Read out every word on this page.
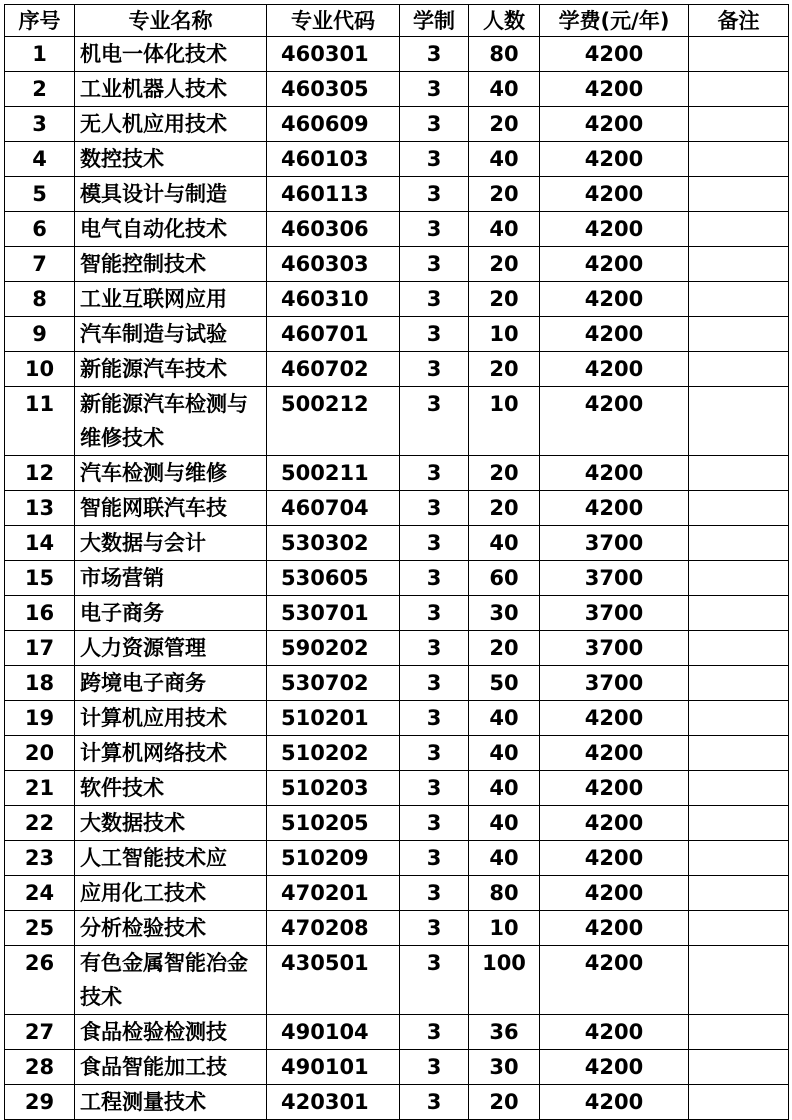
序号	专业名称	专业代码	学制	人数	学费(元/年)	备注
1	机电一体化技术	460301	3	80	4200	
2	工业机器人技术	460305	3	40	4200	
3	无人机应用技术	460609	3	20	4200	
4	数控技术	460103	3	40	4200	
5	模具设计与制造	460113	3	20	4200	
6	电气自动化技术	460306	3	40	4200	
7	智能控制技术	460303	3	20	4200	
8	工业互联网应用	460310	3	20	4200	
9	汽车制造与试验	460701	3	10	4200	
10	新能源汽车技术	460702	3	20	4200	
11	新能源汽车检测与维修技术	500212	3	10	4200	
12	汽车检测与维修	500211	3	20	4200	
13	智能网联汽车技	460704	3	20	4200	
14	大数据与会计	530302	3	40	3700	
15	市场营销	530605	3	60	3700	
16	电子商务	530701	3	30	3700	
17	人力资源管理	590202	3	20	3700	
18	跨境电子商务	530702	3	50	3700	
19	计算机应用技术	510201	3	40	4200	
20	计算机网络技术	510202	3	40	4200	
21	软件技术	510203	3	40	4200	
22	大数据技术	510205	3	40	4200	
23	人工智能技术应	510209	3	40	4200	
24	应用化工技术	470201	3	80	4200	
25	分析检验技术	470208	3	10	4200	
26	有色金属智能冶金技术	430501	3	100	4200	
27	食品检验检测技	490104	3	36	4200	
28	食品智能加工技	490101	3	30	4200	
29	工程测量技术	420301	3	20	4200	
